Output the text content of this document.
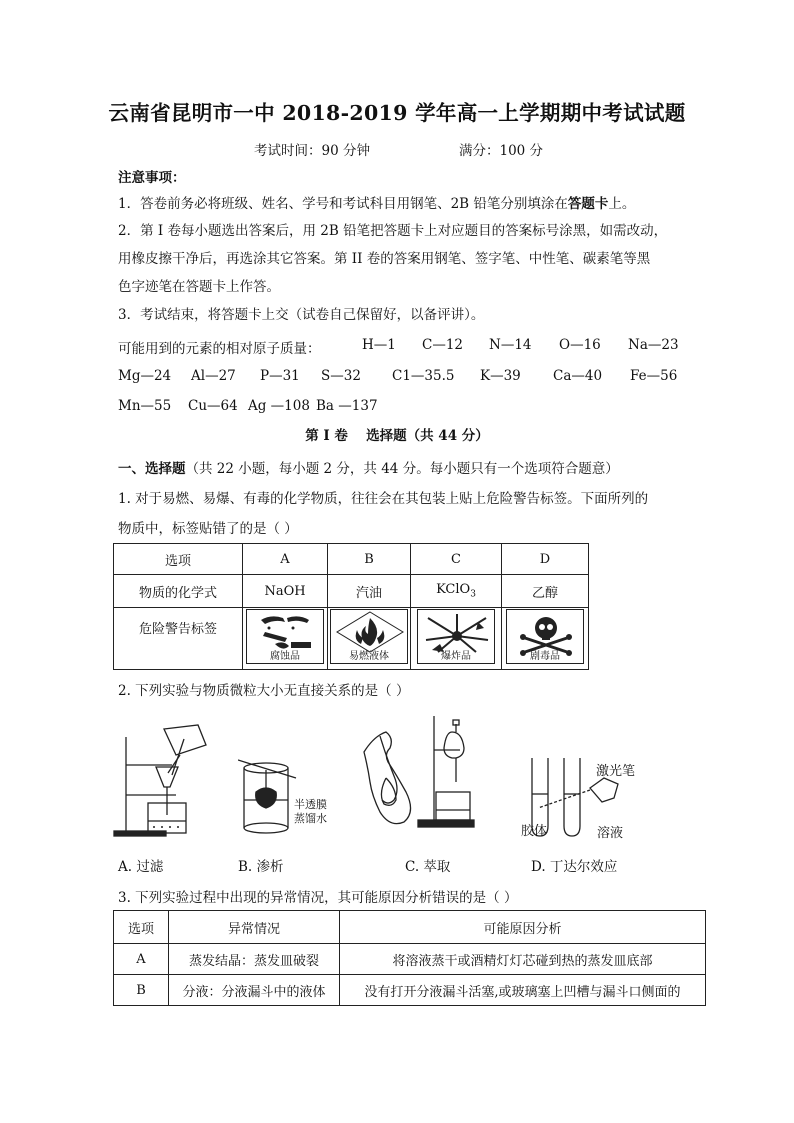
云南省昆明市一中 2018-2019 学年高一上学期期中考试试题
考试时间：90 分钟	满分：100 分
注意事项：
1．答卷前务必将班级、姓名、学号和考试科目用钢笔、2B 铅笔分别填涂在答题卡上。
2．第 I 卷每小题选出答案后，用 2B 铅笔把答题卡上对应题目的答案标号涂黑，如需改动，
用橡皮擦干净后，再选涂其它答案。第 II 卷的答案用钢笔、签字笔、中性笔、碳素笔等黑
色字迹笔在答题卡上作答。
3．考试结束，将答题卡上交（试卷自己保留好，以备评讲）。
可能用到的元素的相对原子质量：	H—1 C—12 N—14 O—16 Na—23
Mg—24 Al—27 P—31 S—32 C1—35.5 K—39 Ca—40 Fe—56
Mn—55 Cu—64 Ag —108 Ba —137
第 I 卷　 选择题（共 44 分）
一、选择题（共 22 小题，每小题 2 分，共 44 分。每小题只有一个选项符合题意）
1. 对于易燃、易爆、有毒的化学物质，往往会在其包装上贴上危险警告标签。下面所列的
物质中，标签贴错了的是（ ）
选项	A	B	C	D
物质的化学式	NaOH	汽油	KClO$_3$	乙醇
危险警告标签	腐蚀品	易燃液体	爆炸品	剧毒品
2. 下列实验与物质微粒大小无直接关系的是（ ）
半透膜
蒸馏水
激光笔
胶体	溶液
A. 过滤	B. 渗析	C. 萃取	D. 丁达尔效应
3. 下列实验过程中出现的异常情况，其可能原因分析错误的是（ ）
选项	异常情况	可能原因分析
A	蒸发结晶：蒸发皿破裂	将溶液蒸干或酒精灯灯芯碰到热的蒸发皿底部
B	分液：分液漏斗中的液体	没有打开分液漏斗活塞,或玻璃塞上凹槽与漏斗口侧面的
